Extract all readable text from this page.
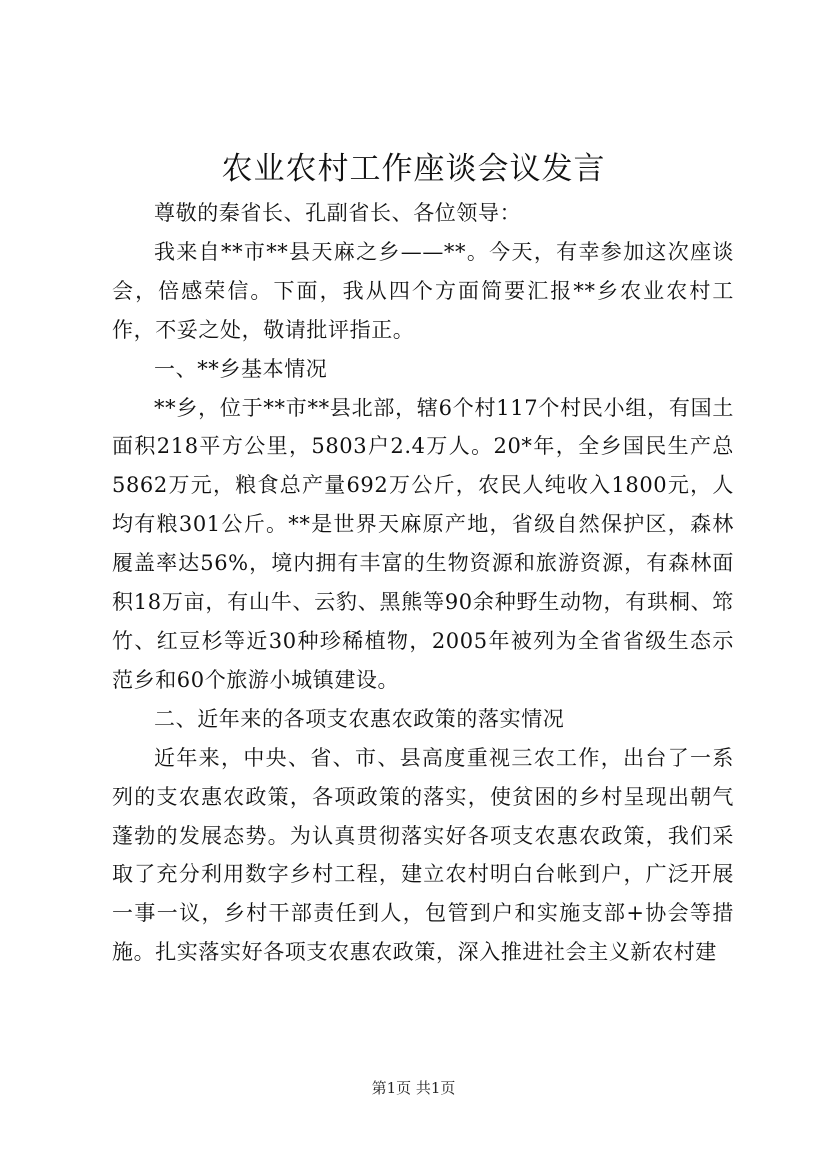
农业农村工作座谈会议发言

尊敬的秦省长、孔副省长、各位领导：

我来自**市**县天麻之乡——**。今天，有幸参加这次座谈会，倍感荣信。下面，我从四个方面简要汇报**乡农业农村工作，不妥之处，敬请批评指正。

一、**乡基本情况

**乡，位于**市**县北部，辖6个村117个村民小组，有国土面积218平方公里，5803户2.4万人。20*年，全乡国民生产总5862万元，粮食总产量692万公斤，农民人纯收入1800元，人均有粮301公斤。**是世界天麻原产地，省级自然保护区，森林履盖率达56%，境内拥有丰富的生物资源和旅游资源，有森林面积18万亩，有山牛、云豹、黑熊等90余种野生动物，有珙桐、筇竹、红豆杉等近30种珍稀植物，2005年被列为全省省级生态示范乡和60个旅游小城镇建设。

二、近年来的各项支农惠农政策的落实情况

近年来，中央、省、市、县高度重视三农工作，出台了一系列的支农惠农政策，各项政策的落实，使贫困的乡村呈现出朝气蓬勃的发展态势。为认真贯彻落实好各项支农惠农政策，我们采取了充分利用数字乡村工程，建立农村明白台帐到户，广泛开展一事一议，乡村干部责任到人，包管到户和实施支部+协会等措施。扎实落实好各项支农惠农政策，深入推进社会主义新农村建

第1页 共1页
